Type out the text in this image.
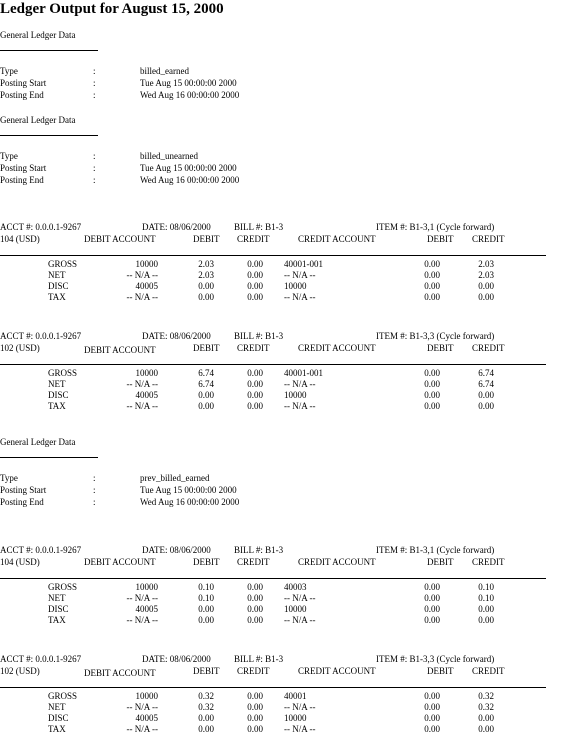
Ledger Output for August 15, 2000
General Ledger Data
Type	:	billed_earned
Posting Start	:	Tue Aug 15 00:00:00 2000
Posting End	:	Wed Aug 16 00:00:00 2000
General Ledger Data
Type	:	billed_unearned
Posting Start	:	Tue Aug 15 00:00:00 2000
Posting End	:	Wed Aug 16 00:00:00 2000
General Ledger Data
Type	:	prev_billed_earned
Posting Start	:	Tue Aug 15 00:00:00 2000
Posting End	:	Wed Aug 16 00:00:00 2000
ACCT #: 0.0.0.1-9267	DATE: 08/06/2000	BILL #: B1-3	ITEM #: B1-3,1 (Cycle forward)
104 (USD)	DEBIT ACCOUNT	DEBIT CREDIT	CREDIT ACCOUNT	DEBIT CREDIT
GROSS	10000	2.03	0.00 40001-001	0.00	2.03
NET	-- N/A --	2.03	0.00 -- N/A --	0.00	2.03
DISC	40005	0.00	0.00 10000	0.00	0.00
TAX	-- N/A --	0.00	0.00 -- N/A --	0.00	0.00
ACCT #: 0.0.0.1-9267	DATE: 08/06/2000	BILL #: B1-3	ITEM #: B1-3,3 (Cycle forward)
102 (USD)	DEBIT ACCOUNT	DEBIT CREDIT	CREDIT ACCOUNT	DEBIT CREDIT
GROSS	10000	6.74	0.00 40001-001	0.00	6.74
NET	-- N/A --	6.74	0.00 -- N/A --	0.00	6.74
DISC	40005	0.00	0.00 10000	0.00	0.00
TAX	-- N/A --	0.00	0.00 -- N/A --	0.00	0.00
ACCT #: 0.0.0.1-9267	DATE: 08/06/2000	BILL #: B1-3	ITEM #: B1-3,1 (Cycle forward)
104 (USD)	DEBIT ACCOUNT	DEBIT CREDIT	CREDIT ACCOUNT	DEBIT CREDIT
GROSS	10000	0.10	0.00 40003	0.00	0.10
NET	-- N/A --	0.10	0.00 -- N/A --	0.00	0.10
DISC	40005	0.00	0.00 10000	0.00	0.00
TAX	-- N/A --	0.00	0.00 -- N/A --	0.00	0.00
ACCT #: 0.0.0.1-9267	DATE: 08/06/2000	BILL #: B1-3	ITEM #: B1-3,3 (Cycle forward)
102 (USD)	DEBIT ACCOUNT	DEBIT CREDIT	CREDIT ACCOUNT	DEBIT CREDIT
GROSS	10000	0.32	0.00 40001	0.00	0.32
NET	-- N/A --	0.32	0.00 -- N/A --	0.00	0.32
DISC	40005	0.00	0.00 10000	0.00	0.00
TAX	-- N/A --	0.00	0.00 -- N/A --	0.00	0.00
